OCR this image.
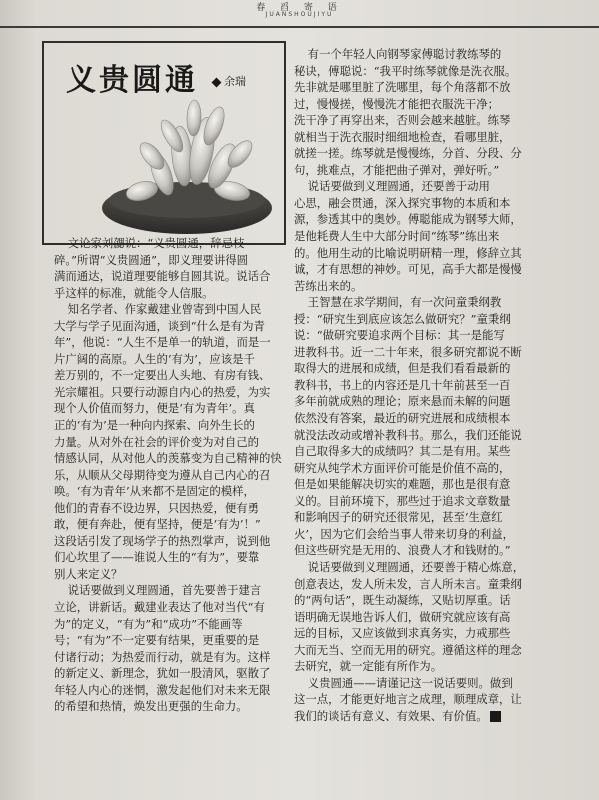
春 舀 寄 语
JUANSHOUJIYU
义贵圆通	余瑞

文论家刘勰说：“义贵圆通，辞忌枝

碎。”所谓“义贵圆通”，即义理要讲得圆

满而通达，说道理要能够自圆其说。说话合

乎这样的标准，就能令人信服。

知名学者、作家戴建业曾寄到中国人民

大学与学子见面沟通，谈到“什么是有为青

年”，他说：“人生不是单一的轨道，而是一

片广阔的高原。人生的‘有为’，应该是千

差万别的，不一定要出人头地、有房有钱、

光宗耀祖。只要行动源自内心的热爱，为实

现个人价值而努力，便是‘有为青年’。真

正的‘有为’是一种向内探索、向外生长的

力量。从对外在社会的评价变为对自己的

情感认同，从对他人的羡慕变为自己精神的快

乐，从顺从父母期待变为遵从自己内心的召

唤。‘有为青年’从来都不是固定的模样，

他们的青春不设边界，只因热爱，便有勇

敢，便有奔赴，便有坚持，便是‘有为’！”

这段话引发了现场学子的热烈掌声，说到他

们心坎里了——谁说人生的“有为”，要靠

别人来定义？

说话要做到义理圆通，首先要善于建言

立论，讲新话。戴建业表达了他对当代“有

为”的定义，“有为”和“成功”不能画等

号；“有为”不一定要有结果，更重要的是

付诸行动；为热爱而行动，就是有为。这样

的新定义、新理念，犹如一股清风，驱散了

年轻人内心的迷惘，激发起他们对未来无限

的希望和热情，焕发出更强的生命力。

有一个年轻人向钢琴家傅聪讨教练琴的

秘诀，傅聪说：“我平时练琴就像是洗衣服。

先非就是哪里脏了洗哪里，每个角落都不放

过，慢慢搓，慢慢洗才能把衣服洗干净；

洗干净了再穿出来，否则会越来越脏。练琴

就相当于洗衣服时细细地检查，看哪里脏，

就搓一搓。练琴就是慢慢练，分首、分段、分

句，挑难点，才能把曲子弹对，弹好听。”

说话要做到义理圆通，还要善于动用

心思，融会贯通，深入探究事物的本质和本

源，参透其中的奥妙。傅聪能成为钢琴大师，

是他耗费人生中大部分时间“练琴”练出来

的。他用生动的比喻说明研精一理，修辞立其

诚，才有思想的神妙。可见，高手大都是慢慢

苦练出来的。

王智慧在求学期间，有一次问童秉纲教

授：“研究生到底应该怎么做研究？”童秉纲

说：“做研究要追求两个目标：其一是能写

进教科书。近一二十年来，很多研究都说不断

取得大的进展和成绩，但是我们看看最新的

教科书，书上的内容还是几十年前甚至一百

多年前就成熟的理论；原来悬而未解的问题

依然没有答案，最近的研究进展和成绩根本

就没法改动或增补教科书。那么，我们还能说

自己取得多大的成绩吗？其二是有用。某些

研究从纯学术方面评价可能是价值不高的，

但是如果能解决切实的难题，那也是很有意

义的。目前环境下，那些过于追求文章数量

和影响因子的研究还很常见，甚至‘生意红

火’，因为它们会给当事人带来切身的利益，

但这些研究是无用的、浪费人才和钱财的。”

说话要做到义理圆通，还要善于精心炼意，

创意表达，发人所未发，言人所未言。童秉纲

的“两句话”，既生动凝练，又贴切厚重。话

语明确无误地告诉人们，做研究就应该有高

远的目标，又应该做到求真务实，力戒那些

大而无当、空而无用的研究。遵循这样的理念

去研究，就一定能有所作为。

义贵圆通——请谨记这一说话要则。做到

这一点，才能更好地言之成理，顺理成章，让

我们的谈话有意义、有效果、有价值。
